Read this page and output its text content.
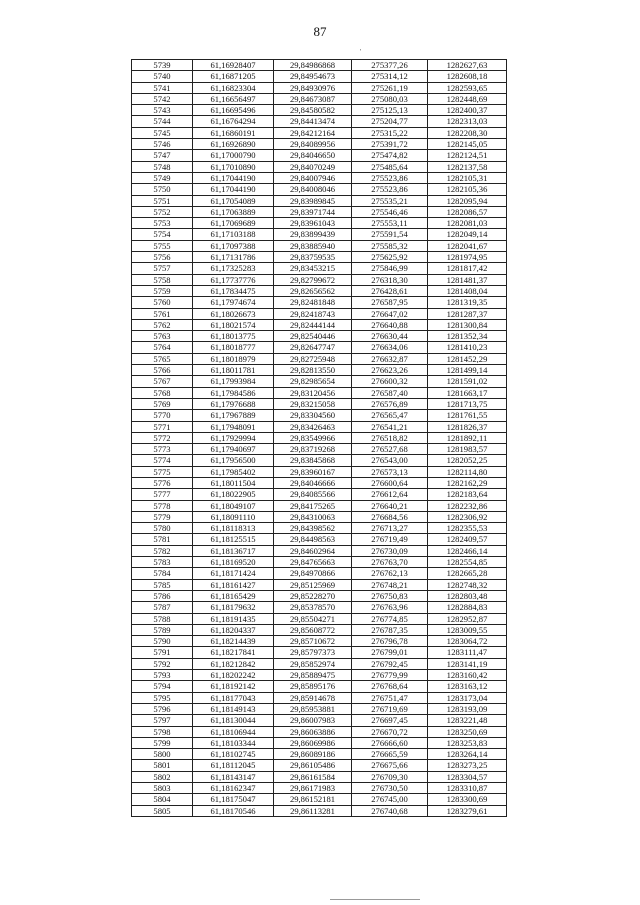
87
'
5739	61,16928407	29,84986868	275377,26	1282627,63
5740	61,16871205	29,84954673	275314,12	1282608,18
5741	61,16823304	29,84930976	275261,19	1282593,65
5742	61,16656497	29,84673087	275080,03	1282448,69
5743	61,16695496	29,84580582	275125,13	1282400,37
5744	61,16764294	29,84413474	275204,77	1282313,03
5745	61,16860191	29,84212164	275315,22	1282208,30
5746	61,16926890	29,84089956	275391,72	1282145,05
5747	61,17000790	29,84046650	275474,82	1282124,51
5748	61,17010890	29,84070249	275485,64	1282137,58
5749	61,17044190	29,84007946	275523,86	1282105,31
5750	61,17044190	29,84008046	275523,86	1282105,36
5751	61,17054089	29,83989845	275535,21	1282095,94
5752	61,17063889	29,83971744	275546,46	1282086,57
5753	61,17069689	29,83961043	275553,11	1282081,03
5754	61,17103188	29,83899439	275591,54	1282049,14
5755	61,17097388	29,83885940	275585,32	1282041,67
5756	61,17131786	29,83759535	275625,92	1281974,95
5757	61,17325283	29,83453215	275846,99	1281817,42
5758	61,17737776	29,82799672	276318,30	1281481,37
5759	61,17834475	29,82656562	276428,61	1281408,04
5760	61,17974674	29,82481848	276587,95	1281319,35
5761	61,18026673	29,82418743	276647,02	1281287,37
5762	61,18021574	29,82444144	276640,88	1281300,84
5763	61,18013775	29,82540446	276630,44	1281352,34
5764	61,18018777	29,82647747	276634,06	1281410,23
5765	61,18018979	29,82725948	276632,87	1281452,29
5766	61,18011781	29,82813550	276623,26	1281499,14
5767	61,17993984	29,82985654	276600,32	1281591,02
5768	61,17984586	29,83120456	276587,40	1281663,17
5769	61,17976688	29,83215058	276576,89	1281713,75
5770	61,17967889	29,83304560	276565,47	1281761,55
5771	61,17948091	29,83426463	276541,21	1281826,37
5772	61,17929994	29,83549966	276518,82	1281892,11
5773	61,17940697	29,83719268	276527,68	1281983,57
5774	61,17956500	29,83845868	276543,00	1282052,25
5775	61,17985402	29,83960167	276573,13	1282114,80
5776	61,18011504	29,84046666	276600,64	1282162,29
5777	61,18022905	29,84085566	276612,64	1282183,64
5778	61,18049107	29,84175265	276640,21	1282232,86
5779	61,18091110	29,84310063	276684,56	1282306,92
5780	61,18118313	29,84398562	276713,27	1282355,53
5781	61,18125515	29,84498563	276719,49	1282409,57
5782	61,18136717	29,84602964	276730,09	1282466,14
5783	61,18169520	29,84765663	276763,70	1282554,85
5784	61,18171424	29,84970866	276762,13	1282665,28
5785	61,18161427	29,85125969	276748,21	1282748,32
5786	61,18165429	29,85228270	276750,83	1282803,48
5787	61,18179632	29,85378570	276763,96	1282884,83
5788	61,18191435	29,85504271	276774,85	1282952,87
5789	61,18204337	29,85608772	276787,35	1283009,55
5790	61,18214439	29,85710672	276796,78	1283064,72
5791	61,18217841	29,85797373	276799,01	1283111,47
5792	61,18212842	29,85852974	276792,45	1283141,19
5793	61,18202242	29,85889475	276779,99	1283160,42
5794	61,18192142	29,85895176	276768,64	1283163,12
5795	61,18177043	29,85914678	276751,47	1283173,04
5796	61,18149143	29,85953881	276719,69	1283193,09
5797	61,18130044	29,86007983	276697,45	1283221,48
5798	61,18106944	29,86063886	276670,72	1283250,69
5799	61,18103344	29,86069986	276666,60	1283253,83
5800	61,18102745	29,86089186	276665,59	1283264,14
5801	61,18112045	29,86105486	276675,66	1283273,25
5802	61,18143147	29,86161584	276709,30	1283304,57
5803	61,18162347	29,86171983	276730,50	1283310,87
5804	61,18175047	29,86152181	276745,00	1283300,69
5805	61,18170546	29,86113281	276740,68	1283279,61
